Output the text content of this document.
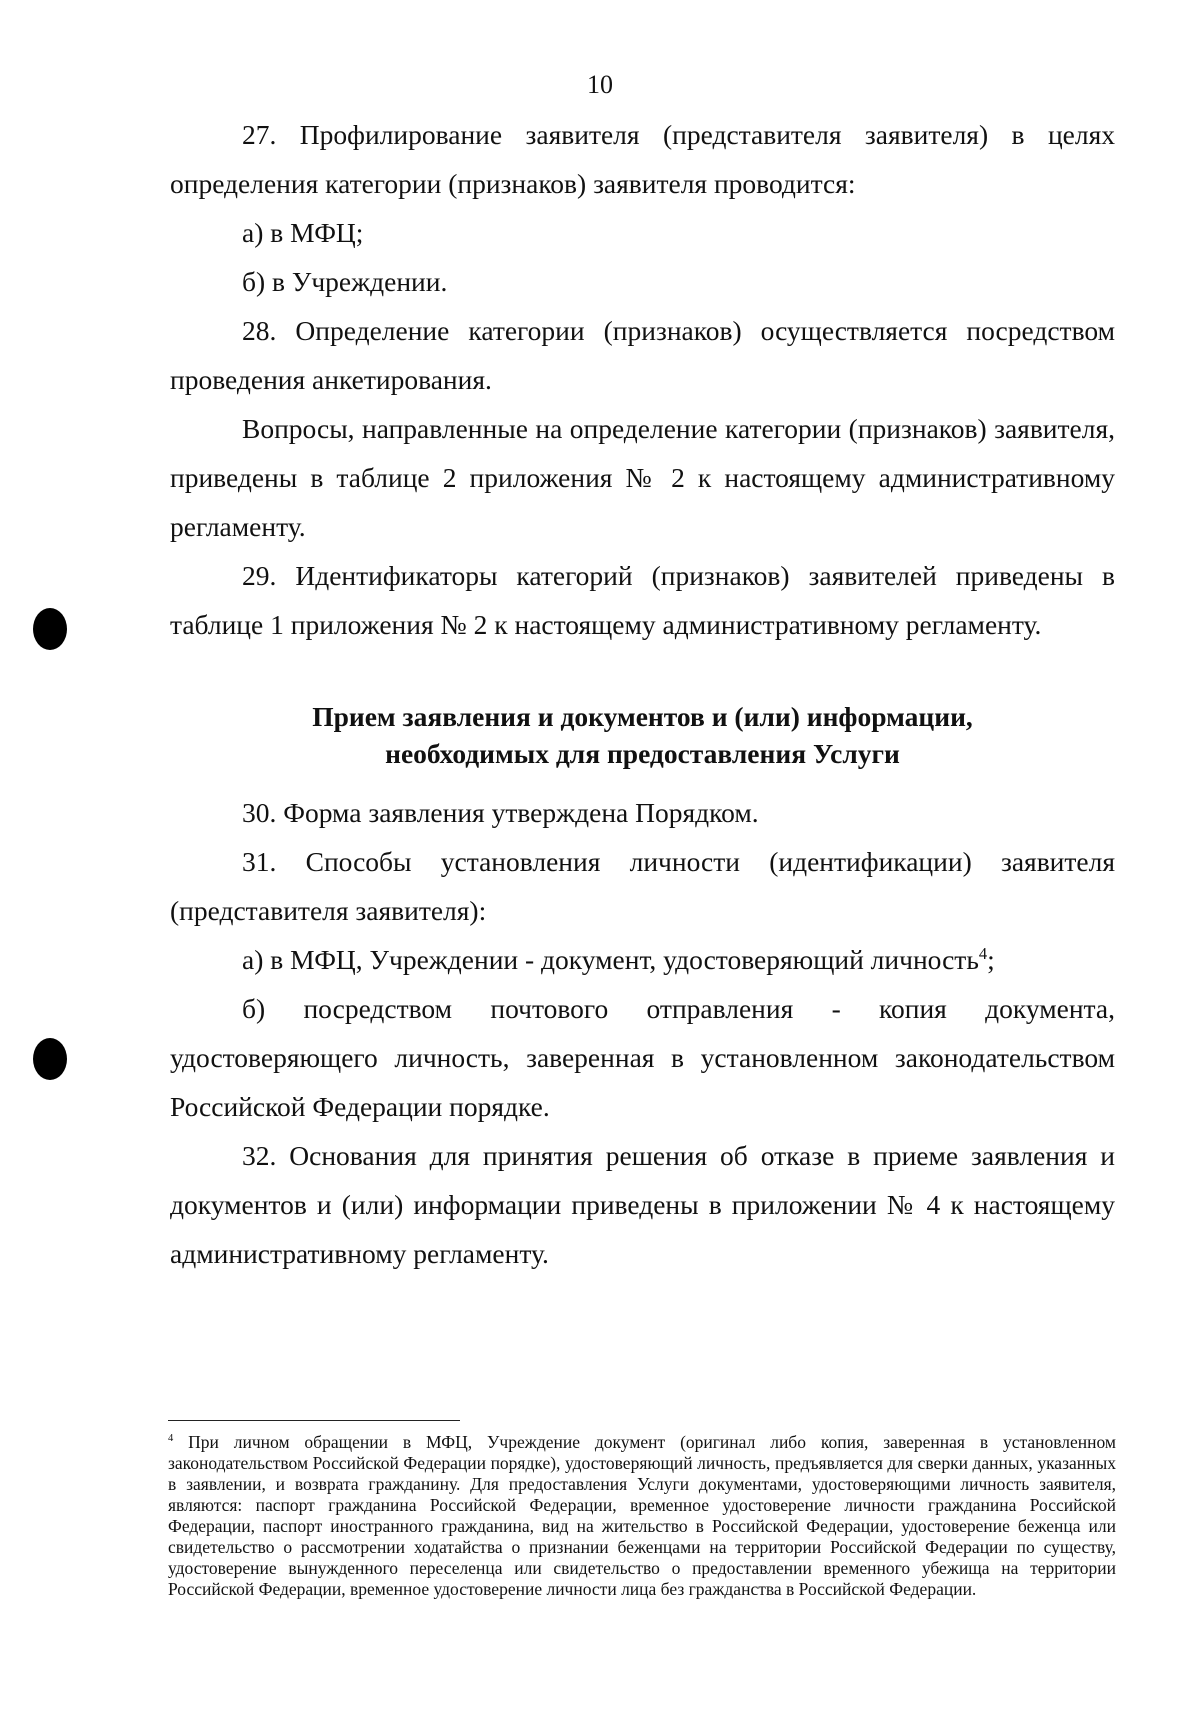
10

27. Профилирование заявителя (представителя заявителя) в целях определения категории (признаков) заявителя проводится:

а) в МФЦ;

б) в Учреждении.

28. Определение категории (признаков) осуществляется посредством проведения анкетирования.

Вопросы, направленные на определение категории (признаков) заявителя, приведены в таблице 2 приложения № 2 к настоящему административному регламенту.

29. Идентификаторы категорий (признаков) заявителей приведены в таблице 1 приложения № 2 к настоящему административному регламенту.

Прием заявления и документов и (или) информации,
необходимых для предоставления Услуги

30. Форма заявления утверждена Порядком.

31. Способы установления личности (идентификации) заявителя (представителя заявителя):

а) в МФЦ, Учреждении - документ, удостоверяющий личность$^4$;

б) посредством почтового отправления - копия документа, удостоверяющего личность, заверенная в установленном законодательством Российской Федерации порядке.

32. Основания для принятия решения об отказе в приеме заявления и документов и (или) информации приведены в приложении № 4 к настоящему административному регламенту.

$^4$ При личном обращении в МФЦ, Учреждение документ (оригинал либо копия, заверенная в установленном законодательством Российской Федерации порядке), удостоверяющий личность, предъявляется для сверки данных, указанных в заявлении, и возврата гражданину. Для предоставления Услуги документами, удостоверяющими личность заявителя, являются: паспорт гражданина Российской Федерации, временное удостоверение личности гражданина Российской Федерации, паспорт иностранного гражданина, вид на жительство в Российской Федерации, удостоверение беженца или свидетельство о рассмотрении ходатайства о признании беженцами на территории Российской Федерации по существу, удостоверение вынужденного переселенца или свидетельство о предоставлении временного убежища на территории Российской Федерации, временное удостоверение личности лица без гражданства в Российской Федерации.
